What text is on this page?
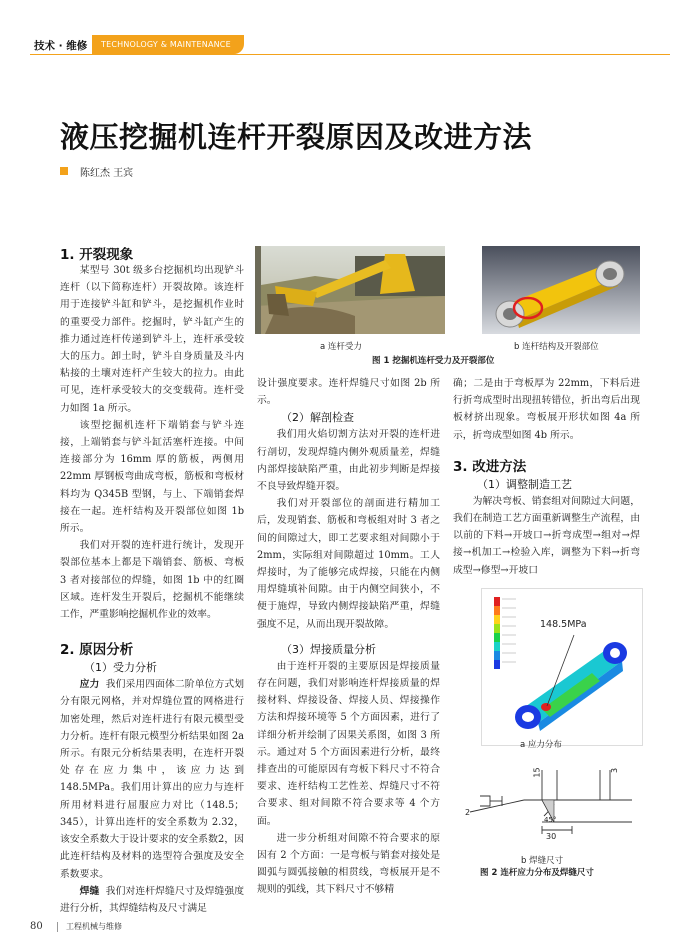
技术 · 维修	TECHNOLOGY & MAINTENANCE
液压挖掘机连杆开裂原因及改进方法
陈红杰 王宾
1. 开裂现象

某型号 30t 级多台挖掘机均出现铲斗连杆（以下简称连杆）开裂故障。该连杆用于连接铲斗缸和铲斗，是挖掘机作业时的重要受力部件。挖掘时，铲斗缸产生的推力通过连杆传递到铲斗上，连杆承受较大的压力。卸土时，铲斗自身质量及斗内粘接的土壤对连杆产生较大的拉力。由此可见，连杆承受较大的交变载荷。连杆受力如图 1a 所示。

该型挖掘机连杆下端销套与铲斗连接，上端销套与铲斗缸活塞杆连接。中间连接部分为 16mm 厚的筋板，两侧用 22mm 厚钢板弯曲成弯板，筋板和弯板材料均为 Q345B 型钢，与上、下端销套焊接在一起。连杆结构及开裂部位如图 1b 所示。

我们对开裂的连杆进行统计，发现开裂部位基本上都是下端销套、筋板、弯板 3 者对接部位的焊缝，如图 1b 中的红圈区域。连杆发生开裂后，挖掘机不能继续工作，严重影响挖掘机作业的效率。

2. 原因分析
（1）受力分析

应力 我们采用四面体二阶单位方式划分有限元网格，并对焊缝位置的网格进行加密处理，然后对连杆进行有限元模型受力分析。连杆有限元模型分析结果如图 2a 所示。有限元分析结果表明，在连杆开裂处存在应力集中，该应力达到 148.5MPa。我们用计算出的应力与连杆所用材料进行屈服应力对比（148.5；345），计算出连杆的安全系数为 2.32，该安全系数大于设计要求的安全系数2，因此连杆结构及材料的选型符合强度及安全系数要求。

焊缝 我们对连杆焊缝尺寸及焊缝强度进行分析，其焊缝结构及尺寸满足

a 连杆受力	b 连杆结构及开裂部位
图 1 挖掘机连杆受力及开裂部位

设计强度要求。连杆焊缝尺寸如图 2b 所示。

（2）解剖检查

我们用火焰切割方法对开裂的连杆进行剖切，发现焊缝内侧外观质量差，焊缝内部焊接缺陷严重，由此初步判断是焊接不良导致焊缝开裂。

我们对开裂部位的剖面进行精加工后，发现销套、筋板和弯板组对时 3 者之间的间隙过大，即工艺要求组对间隙小于 2mm，实际组对间隙超过 10mm。工人焊接时，为了能够完成焊接，只能在内侧用焊缝填补间隙。由于内侧空间狭小，不便于施焊，导致内侧焊接缺陷严重，焊缝强度不足，从而出现开裂故障。

（3）焊接质量分析

由于连杆开裂的主要原因是焊接质量存在问题，我们对影响连杆焊接质量的焊接材料、焊接设备、焊接人员、焊接操作方法和焊接环境等 5 个方面因素，进行了详细分析并绘制了因果关系图，如图 3 所示。通过对 5 个方面因素进行分析，最终排查出的可能原因有弯板下料尺寸不符合要求、连杆结构工艺性差、焊缝尺寸不符合要求、组对间隙不符合要求等 4 个方面。

进一步分析组对间隙不符合要求的原因有 2 个方面：一是弯板与销套对接处是圆弧与圆弧接触的相贯线，弯板展开是不规则的弧线，其下料尺寸不够精

确；二是由于弯板厚为 22mm，下料后进行折弯成型时出现扭转错位，折出弯后出现板材挤出现象。弯板展开形状如图 4a 所示，折弯成型如图 4b 所示。

3. 改进方法
（1）调整制造工艺

为解决弯板、销套组对间隙过大问题，我们在制造工艺方面重新调整生产流程，由以前的下料→开坡口→折弯成型→组对→焊接→机加工→检验入库，调整为下料→折弯成型→修型→开坡口

148.5MPa
a 应力分布
15	3
2
45°
30
b 焊缝尺寸
图 2 连杆应力分布及焊缝尺寸
80	工程机械与维修
